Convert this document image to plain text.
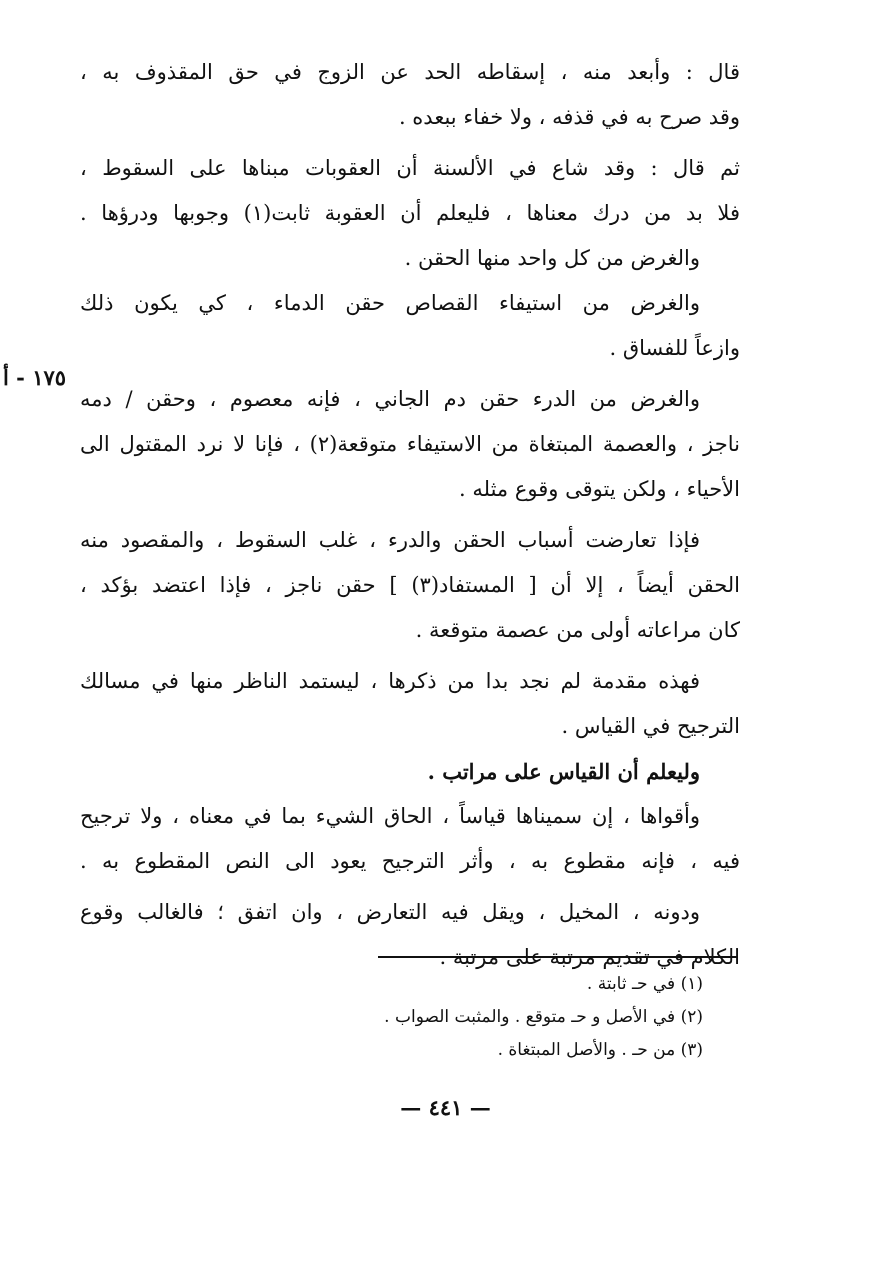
قال : وأبعد منه ، إسقاطه الحد عن الزوج في حق المقذوف به ،
وقد صرح به في قذفه ، ولا خفاء ببعده .
ثم قال : وقد شاع في الألسنة أن العقوبات مبناها على السقوط ،
فلا بد من درك معناها ، فليعلم أن العقوبة ثابت(١) وجوبها ودرؤها .
والغرض من كل واحد منها الحقن .
والغرض من استيفاء القصاص حقن الدماء ، كي يكون ذلك
وازعاً للفساق .
والغرض من الدرء حقن دم الجاني ، فإنه معصوم ، وحقن / دمه
ناجز ، والعصمة المبتغاة من الاستيفاء متوقعة(٢) ، فإنا لا نرد المقتول الى
الأحياء ، ولكن يتوقى وقوع مثله .
فإذا تعارضت أسباب الحقن والدرء ، غلب السقوط ، والمقصود منه
الحقن أيضاً ، إلا أن [ المستفاد(٣) ] حقن ناجز ، فإذا اعتضد بؤكد ،
كان مراعاته أولى من عصمة متوقعة .
فهذه مقدمة لم نجد بدا من ذكرها ، ليستمد الناظر منها في مسالك
الترجيح في القياس .
وليعلم أن القياس على مراتب .
وأقواها ، إن سميناها قياساً ، الحاق الشيء بما في معناه ، ولا ترجيح
فيه ، فإنه مقطوع به ، وأثر الترجيح يعود الى النص المقطوع به .
ودونه ، المخيل ، ويقل فيه التعارض ، وان اتفق ؛ فالغالب وقوع
الكلام في تقديم مرتبة على مرتبة .
١٧٥ - أ
(١) في حـ ثابتة .
(٢) في الأصل و حـ متوقع . والمثبت الصواب .
(٣) من حـ . والأصل المبتغاة .
— ٤٤١ —
